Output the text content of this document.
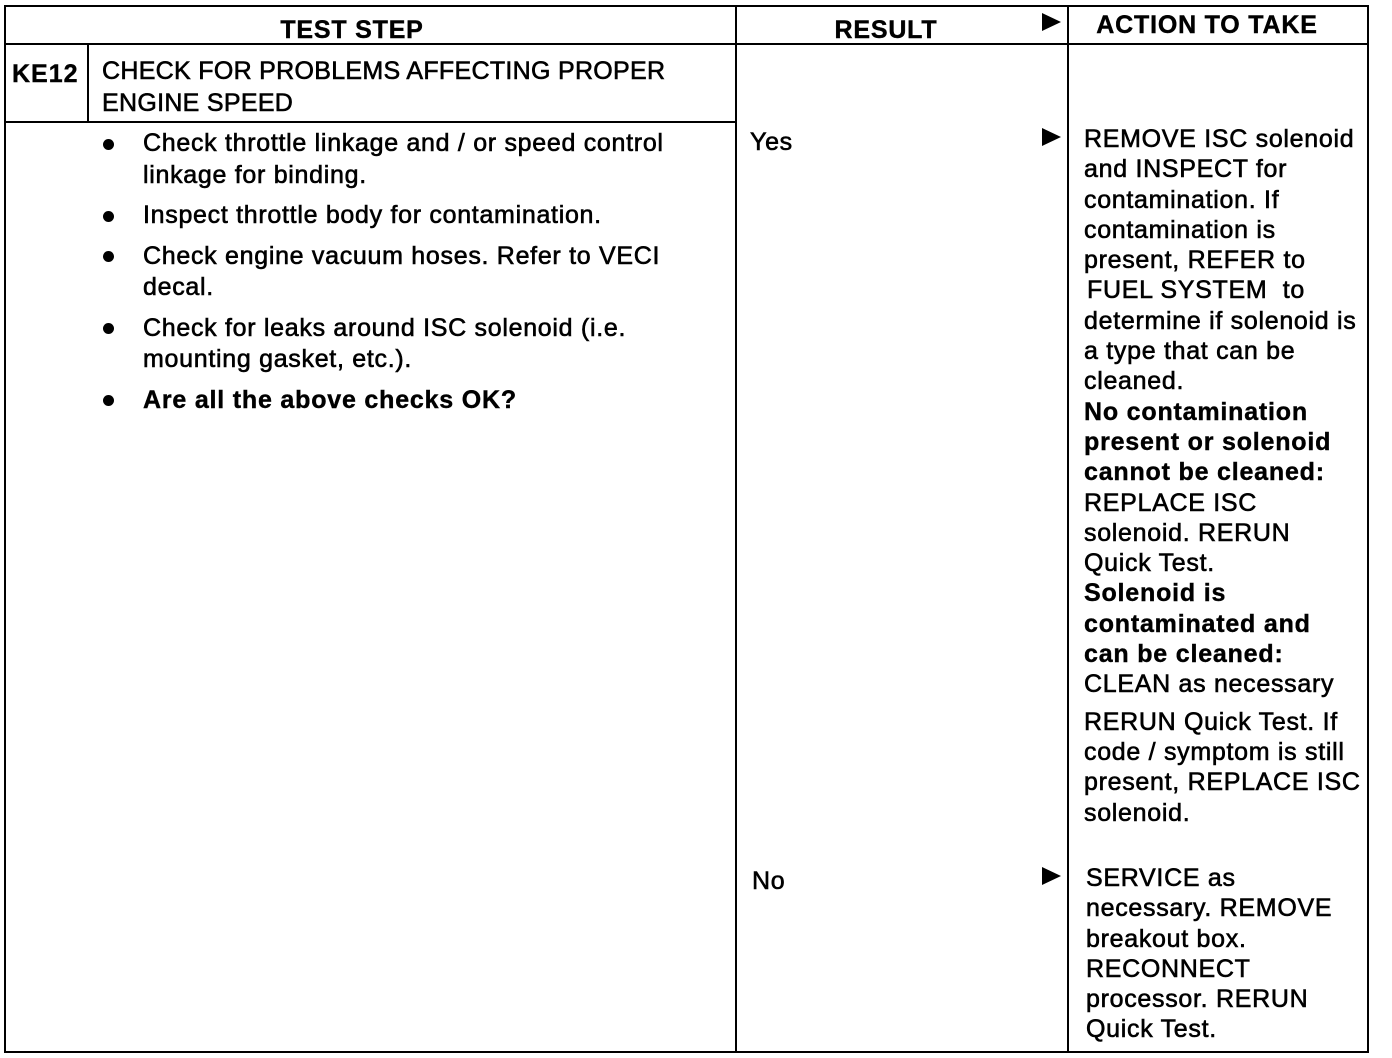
TEST STEP	RESULT	ACTION TO TAKE
KE12 CHECK FOR PROBLEMS AFFECTING PROPER
ENGINE SPEED
Check throttle linkage and / or speed control
linkage for binding.
Inspect throttle body for contamination.
Check engine vacuum hoses. Refer to VECI
decal.
Check for leaks around ISC solenoid (i.e.
mounting gasket, etc.).
Are all the above checks OK?
Yes	REMOVE ISC solenoid
and INSPECT for
contamination. If
contamination is
present, REFER to
FUEL SYSTEM  to
determine if solenoid is
a type that can be
cleaned.
No contamination
present or solenoid
cannot be cleaned:
REPLACE ISC
solenoid. RERUN
Quick Test.
Solenoid is
contaminated and
can be cleaned:
CLEAN as necessary
RERUN Quick Test. If
code / symptom is still
present, REPLACE ISC
solenoid.
No	SERVICE as
necessary. REMOVE
breakout box.
RECONNECT
processor. RERUN
Quick Test.
